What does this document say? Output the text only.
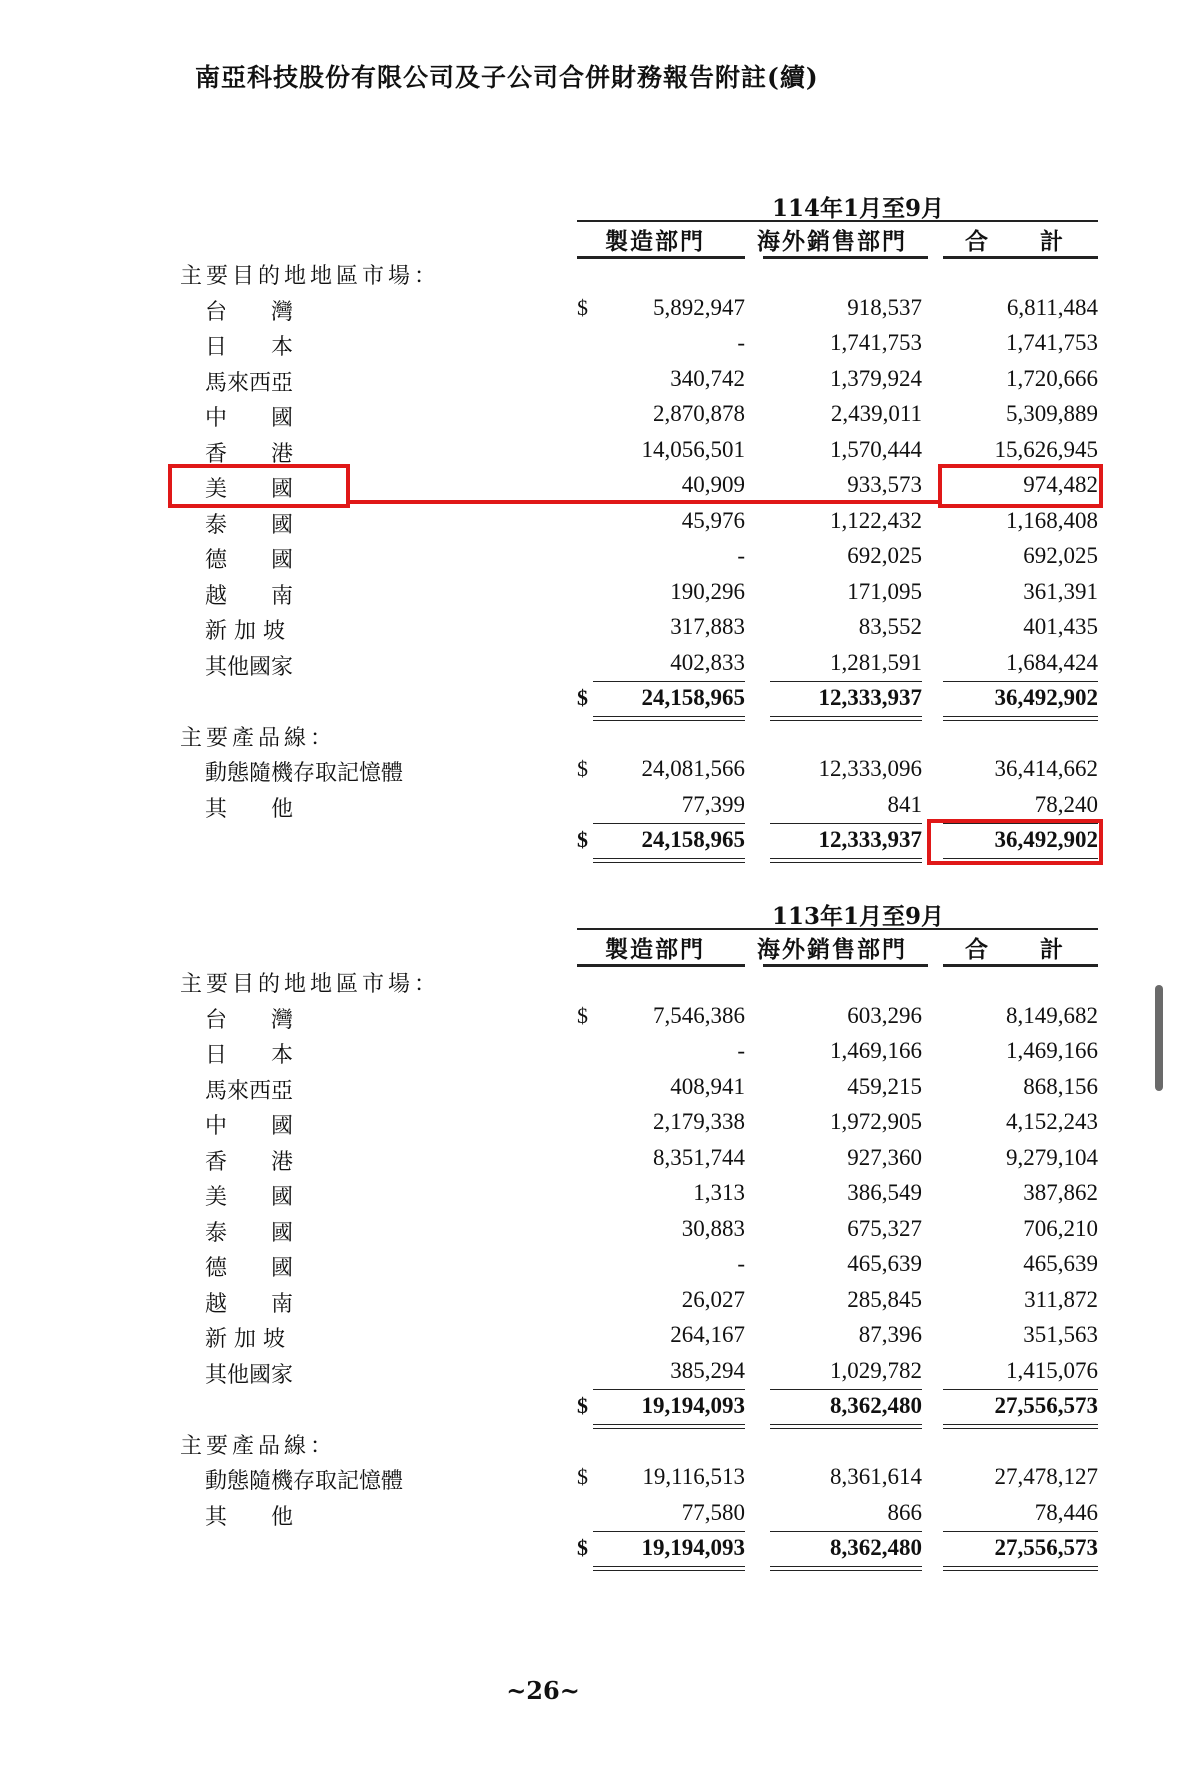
南亞科技股份有限公司及子公司合併財務報告附註(續)
114年1月至9月
製造部門 海外銷售部門	合　　計
主要目的地地區市場：
台　　灣	$	5,892,947	918,537	6,811,484
日　　本	-	1,741,753	1,741,753
馬來西亞	340,742	1,379,924	1,720,666
中　　國	2,870,878	2,439,011	5,309,889
香　　港	14,056,501	1,570,444	15,626,945
美　　國	40,909	933,573	974,482
泰　　國	45,976	1,122,432	1,168,408
德　　國	-	692,025	692,025
越　　南	190,296	171,095	361,391
新 加 坡	317,883	83,552	401,435
其他國家	402,833	1,281,591	1,684,424
$	24,158,965	12,333,937	36,492,902
主要產品線：
動態隨機存取記憶體	$	24,081,566	12,333,096	36,414,662
其　　他	77,399	841	78,240
$	24,158,965	12,333,937	36,492,902
113年1月至9月
製造部門 海外銷售部門	合　　計
主要目的地地區市場：
台　　灣	$	7,546,386	603,296	8,149,682
日　　本	-	1,469,166	1,469,166
馬來西亞	408,941	459,215	868,156
中　　國	2,179,338	1,972,905	4,152,243
香　　港	8,351,744	927,360	9,279,104
美　　國	1,313	386,549	387,862
泰　　國	30,883	675,327	706,210
德　　國	-	465,639	465,639
越　　南	26,027	285,845	311,872
新 加 坡	264,167	87,396	351,563
其他國家	385,294	1,029,782	1,415,076
$	19,194,093	8,362,480	27,556,573
主要產品線：
動態隨機存取記憶體	$	19,116,513	8,361,614	27,478,127
其　　他	77,580	866	78,446
$	19,194,093	8,362,480	27,556,573
~26~
